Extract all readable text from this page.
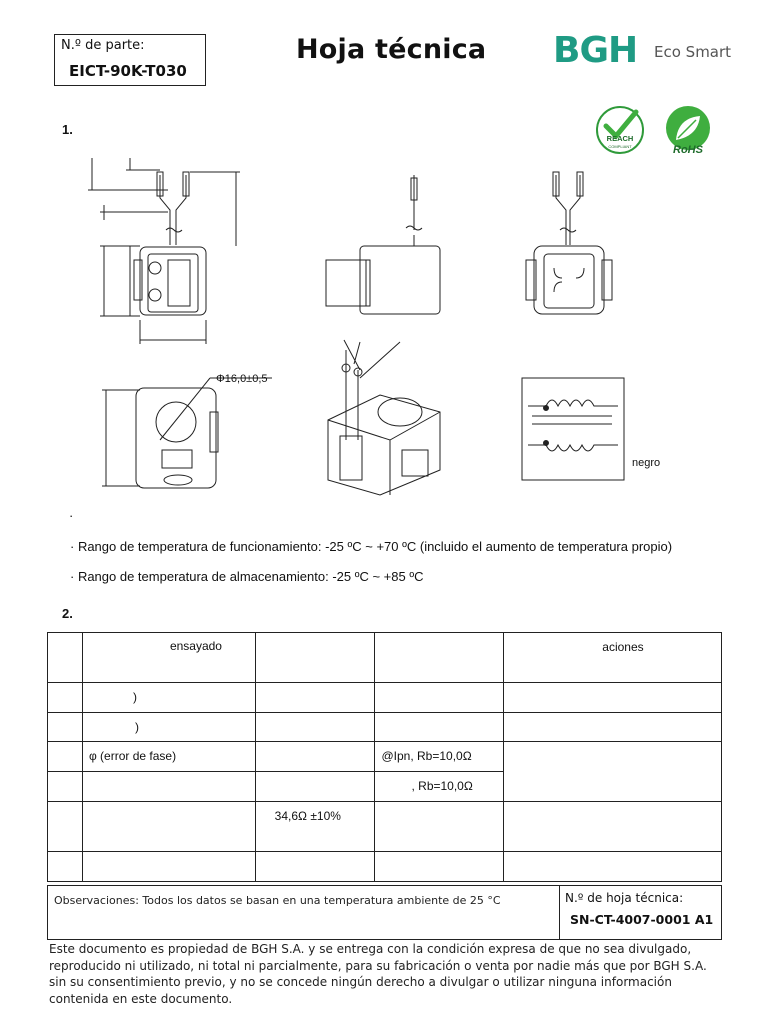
N.º de parte:
EICT-90K-T030
Hoja técnica BGH Eco Smart
REACH
COMPLIANT	RoHS
1.
Φ16,0±0,5
negro
·
· Rango de temperatura de funcionamiento: -25 ºC ~ +70 ºC (incluido el aumento de temperatura propio)
· Rango de temperatura de almacenamiento: -25 ºC ~ +85 ºC
2.

	ensayado			aciones

	)			

	)			

	φ (error de fase)		@Ipn, Rb=10,0Ω	

			, Rb=10,0Ω	

		34,6Ω ±10%		

Observaciones: Todos los datos se basan en una temperatura ambiente de 25 °C	N.º de hoja técnica:
SN-CT-4007-0001 A1
Este documento es propiedad de BGH S.A. y se entrega con la condición expresa de que no sea divulgado,
reproducido ni utilizado, ni total ni parcialmente, para su fabricación o venta por nadie más que por BGH S.A.
sin su consentimiento previo, y no se concede ningún derecho a divulgar o utilizar ninguna información
contenida en este documento.
